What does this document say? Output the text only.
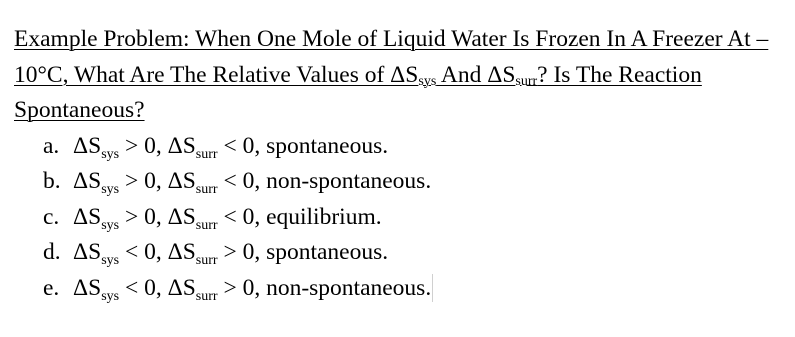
Example Problem: When One Mole of Liquid Water Is Frozen In A Freezer At –10°C, What Are The Relative Values of $\Delta S_{sys}$ And $\Delta S_{surr}$? Is The Reaction Spontaneous?

a. $\Delta S_{sys} > 0$, $\Delta S_{surr} < 0$, spontaneous.
b. $\Delta S_{sys} > 0$, $\Delta S_{surr} < 0$, non-spontaneous.
c. $\Delta S_{sys} > 0$, $\Delta S_{surr} < 0$, equilibrium.
d. $\Delta S_{sys} < 0$, $\Delta S_{surr} > 0$, spontaneous.
e. $\Delta S_{sys} < 0$, $\Delta S_{surr} > 0$, non-spontaneous.
